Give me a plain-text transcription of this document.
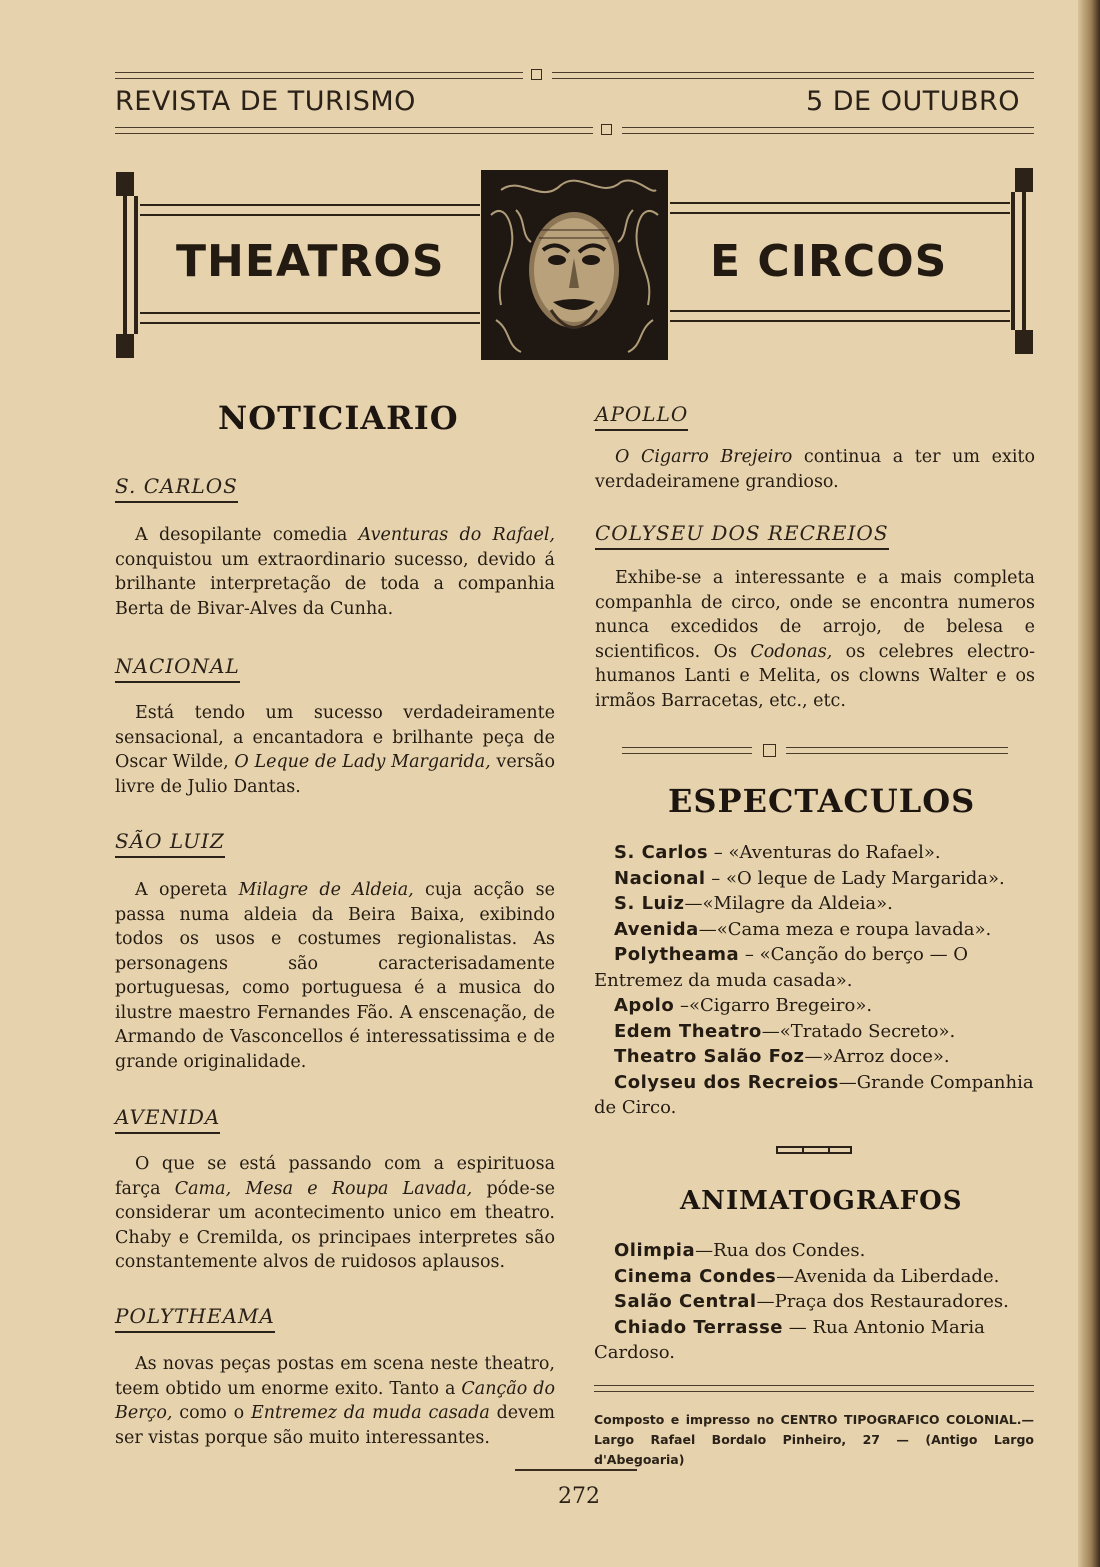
REVISTA DE TURISMO	5 DE OUTUBRO
THEATROS	E CIRCOS
NOTICIARIO
S. CARLOS
A desopilante comedia Aventuras do Rafael, conquistou um extraordinario sucesso, devido á brilhante interpretação de toda a companhia Berta de Bivar-Alves da Cunha.
NACIONAL
Está tendo um sucesso verdadeiramente sensacional, a encantadora e brilhante peça de Oscar Wilde, O Leque de Lady Margarida, versão livre de Julio Dantas.
SÃO LUIZ
A opereta Milagre de Aldeia, cuja acção se passa numa aldeia da Beira Baixa, exibindo todos os usos e costumes regionalistas. As personagens são caracterisadamente portuguesas, como portuguesa é a musica do ilustre maestro Fernandes Fão. A enscenação, de Armando de Vasconcellos é interessatissima e de grande originalidade.
AVENIDA
O que se está passando com a espirituosa farça Cama, Mesa e Roupa Lavada, póde-se considerar um acontecimento unico em theatro. Chaby e Cremilda, os principaes interpretes são constantemente alvos de ruidosos aplausos.
POLYTHEAMA
As novas peças postas em scena neste theatro, teem obtido um enorme exito. Tanto a Canção do Berço, como o Entremez da muda casada devem ser vistas porque são muito interessantes.
APOLLO
O Cigarro Brejeiro continua a ter um exito verdadeiramene grandioso.
COLYSEU DOS RECREIOS
Exhibe-se a interessante e a mais completa companhla de circo, onde se encontra numeros nunca excedidos de arrojo, de belesa e scientificos. Os Codonas, os celebres electro-humanos Lanti e Melita, os clowns Walter e os irmãos Barracetas, etc., etc.
ESPECTACULOS
S. Carlos – «Aventuras do Rafael».
Nacional – «O leque de Lady Margarida».
S. Luiz—«Milagre da Aldeia».
Avenida—«Cama meza e roupa lavada».
Polytheama – «Canção do berço — O Entremez da muda casada».
Apolo –«Cigarro Bregeiro».
Edem Theatro—«Tratado Secreto».
Theatro Salão Foz—»Arroz doce».
Colyseu dos Recreios—Grande Companhia de Circo.
ANIMATOGRAFOS
Olimpia—Rua dos Condes.
Cinema Condes—Avenida da Liberdade.
Salão Central—Praça dos Restauradores.
Chiado Terrasse — Rua Antonio Maria Cardoso.
Composto e impresso no CENTRO TIPOGRAFICO COLONIAL.— Largo Rafael Bordalo Pinheiro, 27 — (Antigo Largo d'Abegoaria)
272
